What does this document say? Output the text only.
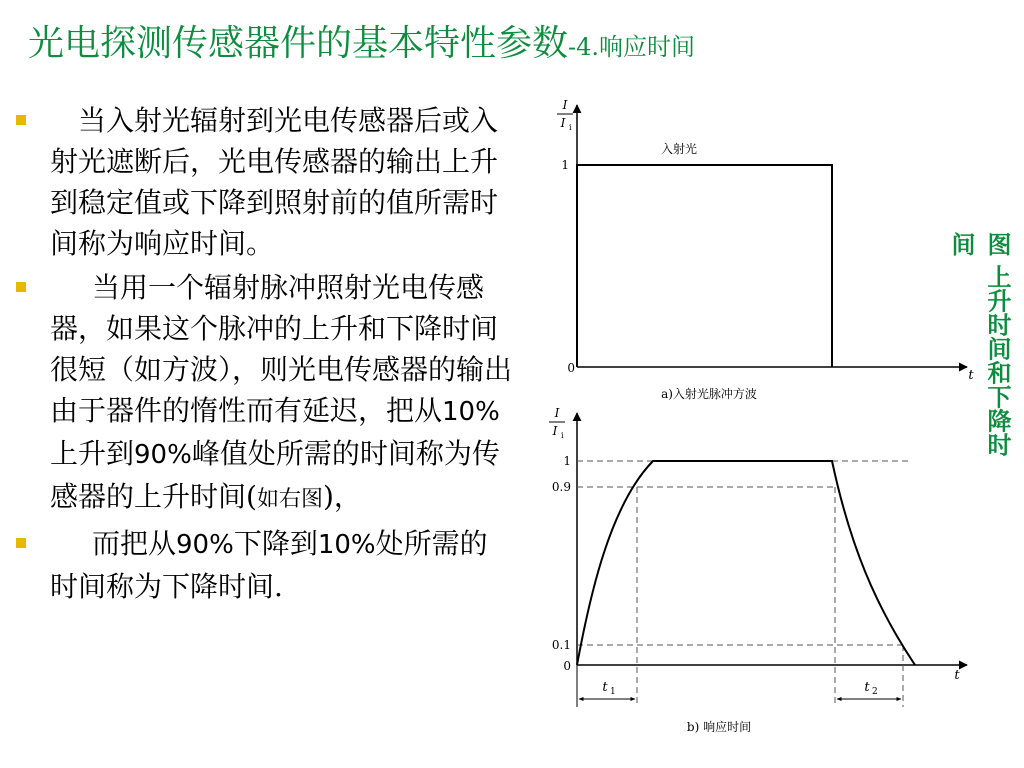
光电探测传感器件的基本特性参数-4.响应时间
当入射光辐射到光电传感器后或入射光遮断后，光电传感器的输出上升到稳定值或下降到照射前的值所需时间称为响应时间。
当用一个辐射脉冲照射光电传感器，如果这个脉冲的上升和下降时间很短（如方波），则光电传感器的输出由于器件的惰性而有延迟，把从10%上升到90%峰值处所需的时间称为传感器的上升时间(如右图)，
而把从90%下降到10%处所需的时间称为下降时间.
I
I i
1
0	t
入射光
a)入射光脉冲方波
t 1	t 2
I
I i
1
0.9
0.1
0
t
b) 响应时间
图 上升时间和下降时
间
